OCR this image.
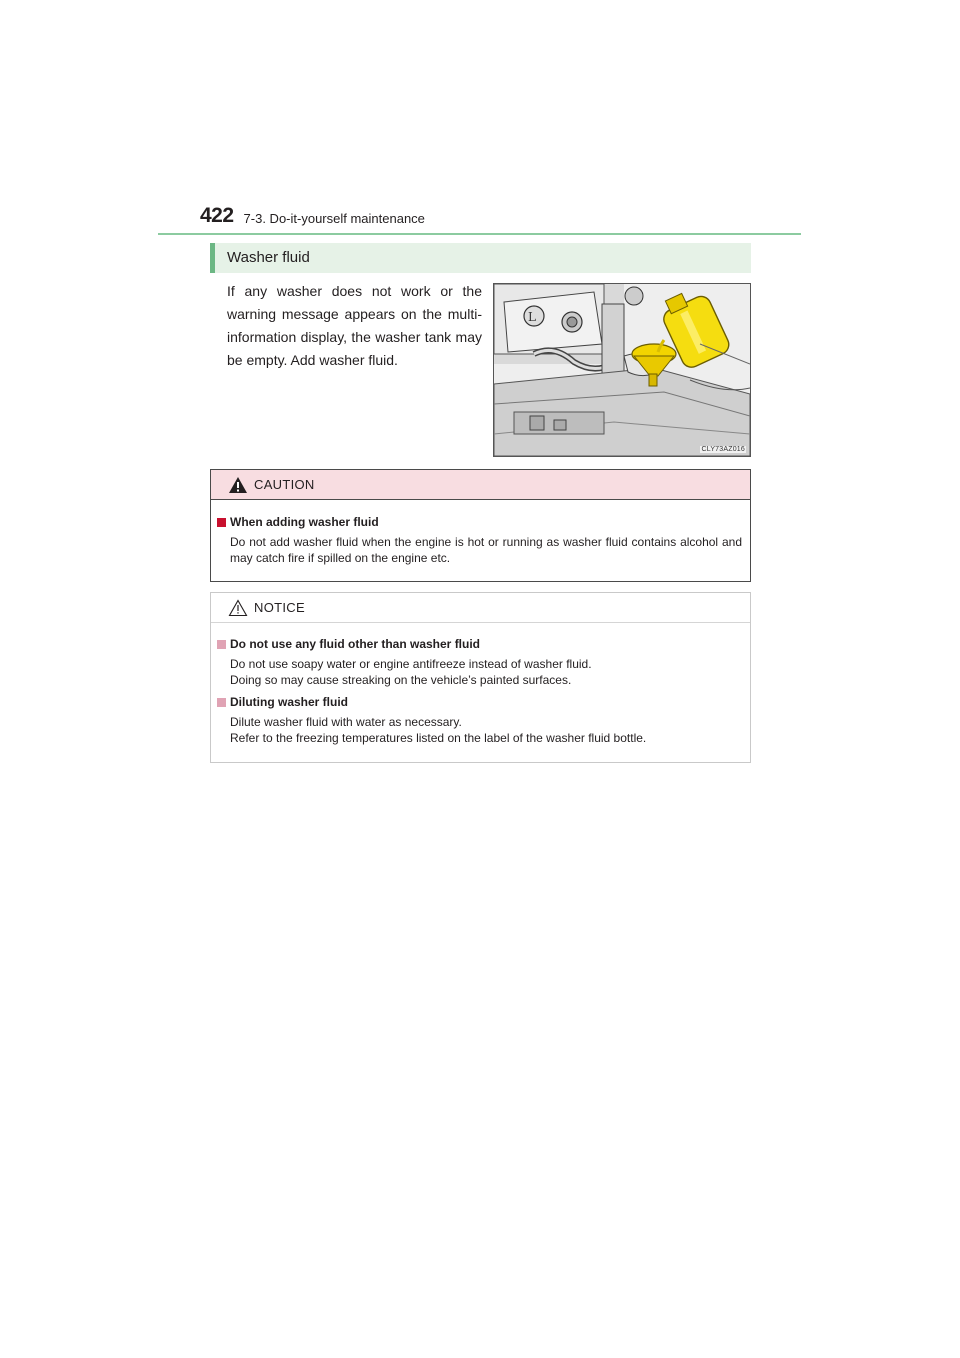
422 7-3. Do-it-yourself maintenance
Washer fluid
If any washer does not work or the warning message appears on the multi-information display, the washer tank may be empty. Add washer fluid.
L
CLY73AZ016
CAUTION
When adding washer fluid
Do not add washer fluid when the engine is hot or running as washer fluid contains alcohol and may catch fire if spilled on the engine etc.
NOTICE
Do not use any fluid other than washer fluid
Do not use soapy water or engine antifreeze instead of washer fluid.
Doing so may cause streaking on the vehicle’s painted surfaces.
Diluting washer fluid
Dilute washer fluid with water as necessary.
Refer to the freezing temperatures listed on the label of the washer fluid bottle.
